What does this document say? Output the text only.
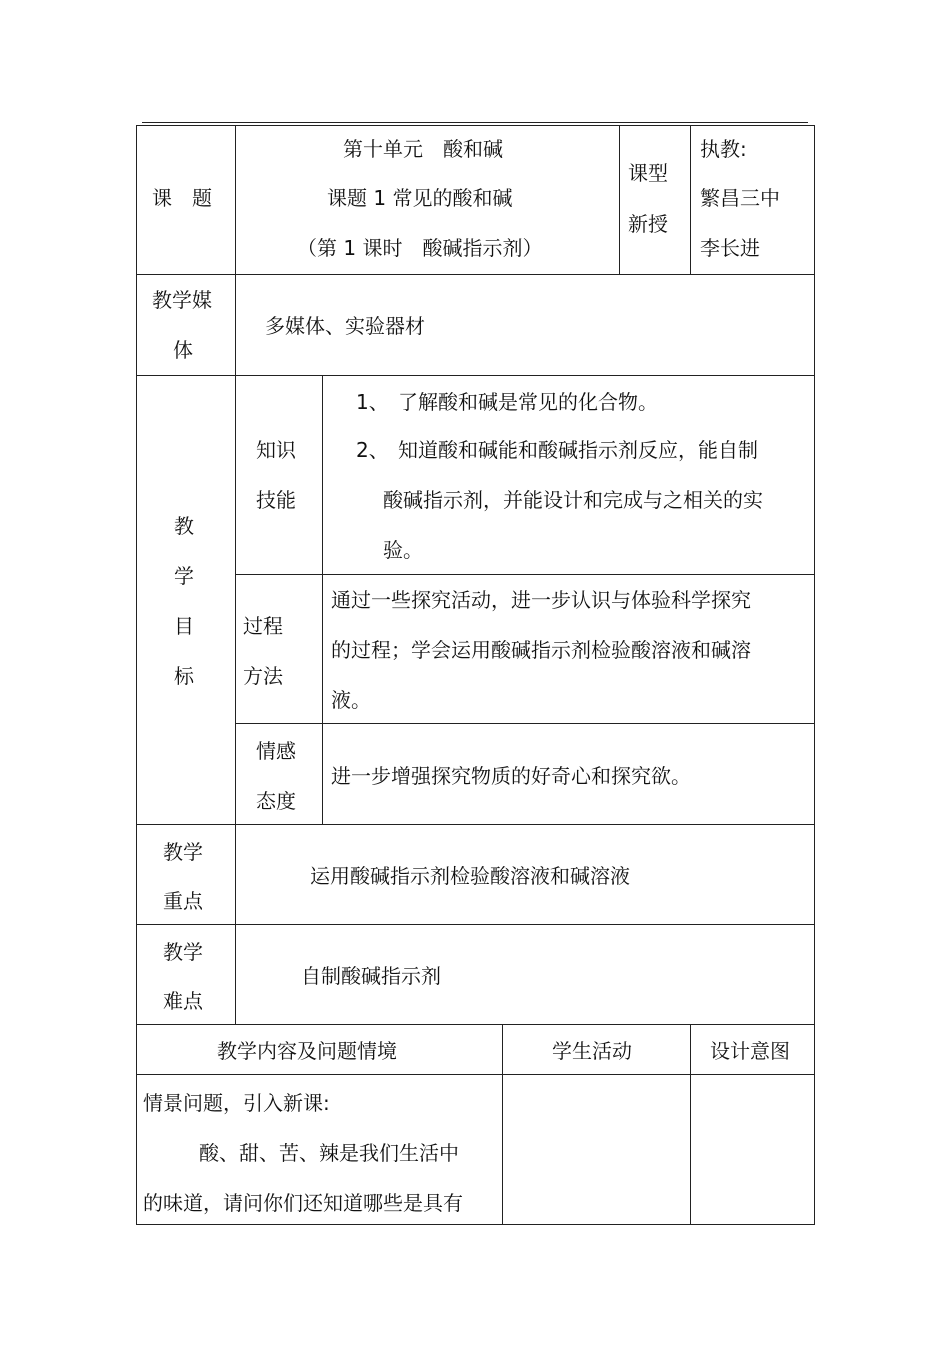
课　题
第十单元　酸和碱
课题 1 常见的酸和碱
（第 1 课时　酸碱指示剂）
课型
新授
执教:
繁昌三中
李长进
教学媒
体
多媒体、实验器材
教
学
目
标
知识
技能
1、 了解酸和碱是常见的化合物。
2、 知道酸和碱能和酸碱指示剂反应，能自制
酸碱指示剂，并能设计和完成与之相关的实
验。
过程
方法
通过一些探究活动，进一步认识与体验科学探究
的过程；学会运用酸碱指示剂检验酸溶液和碱溶
液。
情感
态度
进一步增强探究物质的好奇心和探究欲。
教学
重点
运用酸碱指示剂检验酸溶液和碱溶液
教学
难点
自制酸碱指示剂
教学内容及问题情境	学生活动	设计意图
情景问题，引入新课:
酸、甜、苦、辣是我们生活中
的味道，请问你们还知道哪些是具有
